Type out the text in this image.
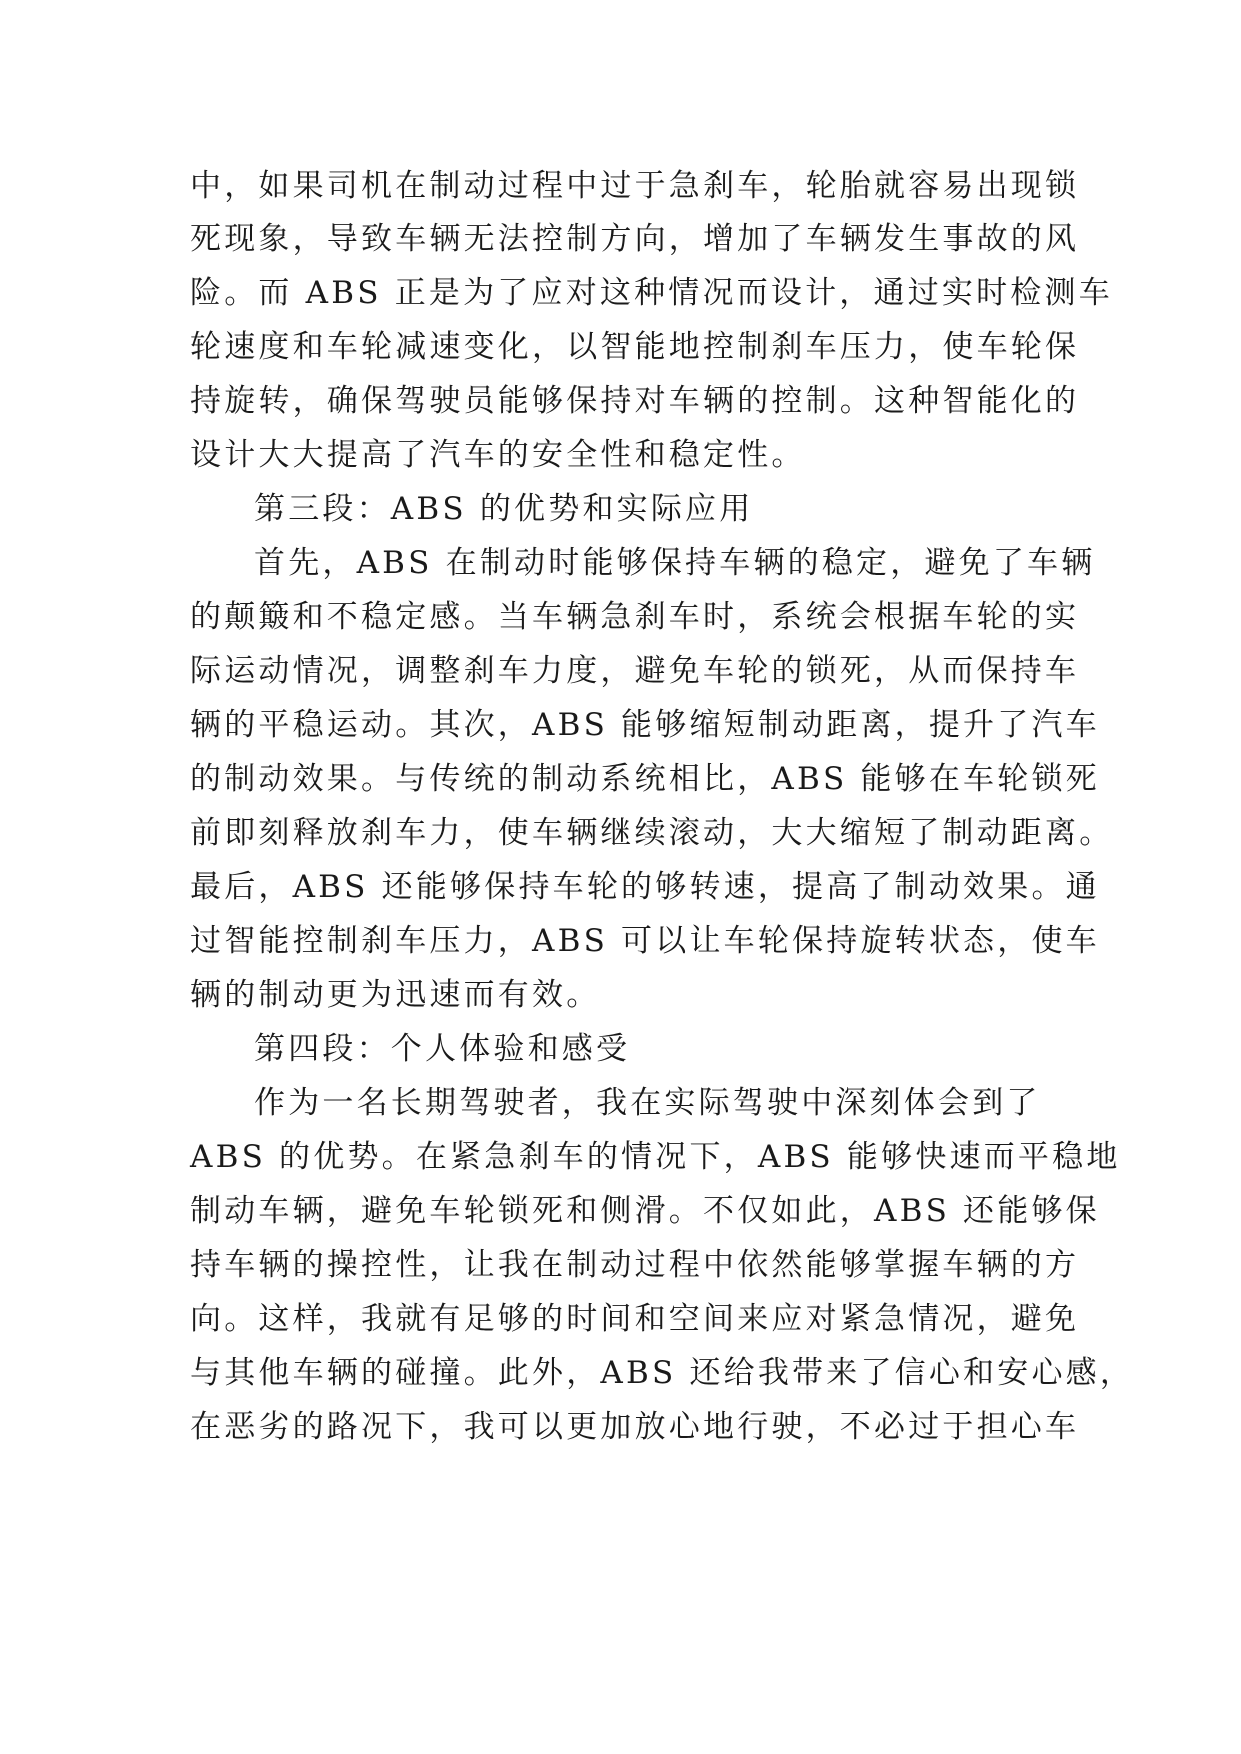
中，如果司机在制动过程中过于急刹车，轮胎就容易出现锁
死现象，导致车辆无法控制方向，增加了车辆发生事故的风
险。而 ABS 正是为了应对这种情况而设计，通过实时检测车
轮速度和车轮减速变化，以智能地控制刹车压力，使车轮保
持旋转，确保驾驶员能够保持对车辆的控制。这种智能化的
设计大大提高了汽车的安全性和稳定性。
第三段：ABS 的优势和实际应用
首先，ABS 在制动时能够保持车辆的稳定，避免了车辆
的颠簸和不稳定感。当车辆急刹车时，系统会根据车轮的实
际运动情况，调整刹车力度，避免车轮的锁死，从而保持车
辆的平稳运动。其次，ABS 能够缩短制动距离，提升了汽车
的制动效果。与传统的制动系统相比，ABS 能够在车轮锁死
前即刻释放刹车力，使车辆继续滚动，大大缩短了制动距离。
最后，ABS 还能够保持车轮的够转速，提高了制动效果。通
过智能控制刹车压力，ABS 可以让车轮保持旋转状态，使车
辆的制动更为迅速而有效。
第四段：个人体验和感受
作为一名长期驾驶者，我在实际驾驶中深刻体会到了
ABS 的优势。在紧急刹车的情况下，ABS 能够快速而平稳地
制动车辆，避免车轮锁死和侧滑。不仅如此，ABS 还能够保
持车辆的操控性，让我在制动过程中依然能够掌握车辆的方
向。这样，我就有足够的时间和空间来应对紧急情况，避免
与其他车辆的碰撞。此外，ABS 还给我带来了信心和安心感，
在恶劣的路况下，我可以更加放心地行驶，不必过于担心车
